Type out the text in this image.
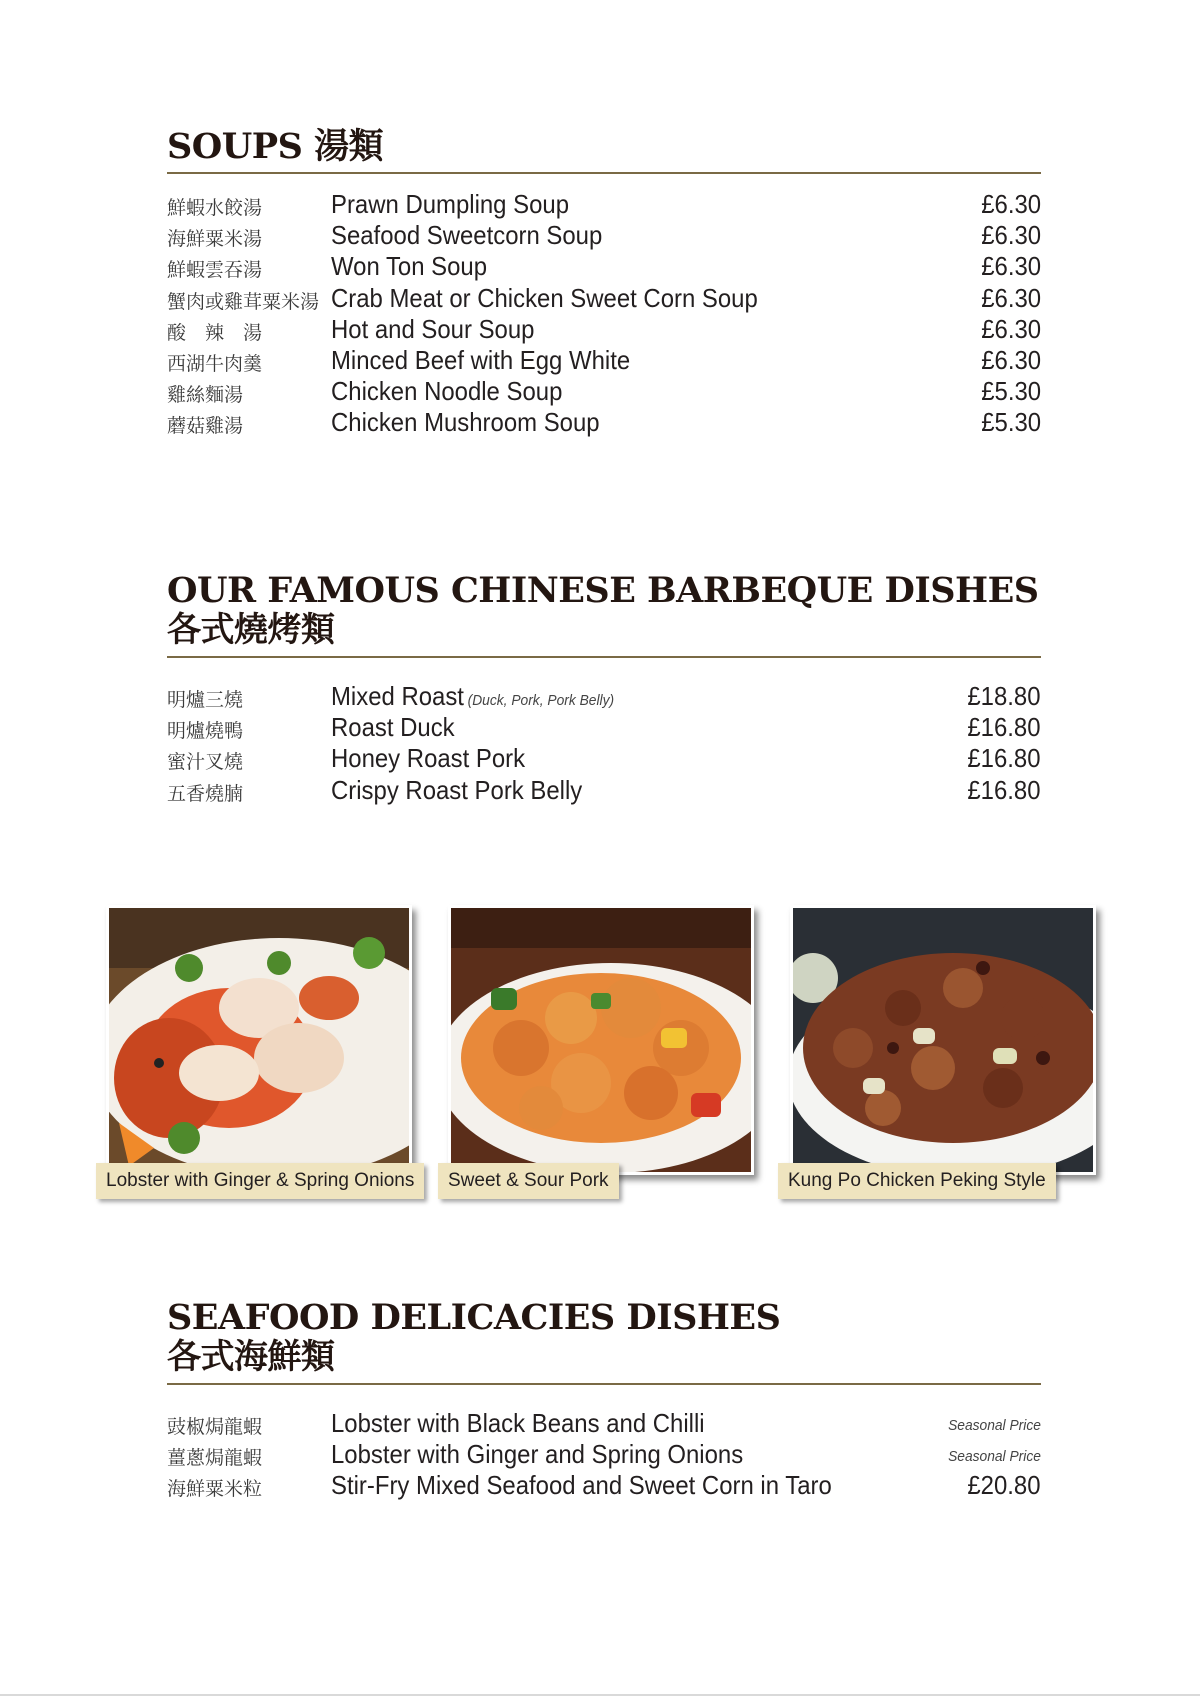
SOUPS 湯類
鮮蝦水餃湯	Prawn Dumpling Soup	£6.30
海鮮粟米湯	Seafood Sweetcorn Soup	£6.30
鮮蝦雲吞湯	Won Ton Soup	£6.30
蟹肉或雞茸粟米湯 Crab Meat or Chicken Sweet Corn Soup	£6.30
酸　辣　湯	Hot and Sour Soup	£6.30
西湖牛肉羹	Minced Beef with Egg White	£6.30
雞絲麵湯	Chicken Noodle Soup	£5.30
蘑菇雞湯	Chicken Mushroom Soup	£5.30
OUR FAMOUS CHINESE BARBEQUE DISHES
各式燒烤類
明爐三燒	Mixed Roast (Duck, Pork, Pork Belly)	£18.80
明爐燒鴨	Roast Duck	£16.80
蜜汁叉燒	Honey Roast Pork	£16.80
五香燒腩	Crispy Roast Pork Belly	£16.80
Lobster with Ginger & Spring Onions	Sweet & Sour Pork	Kung Po Chicken Peking Style
SEAFOOD DELICACIES DISHES
各式海鮮類
豉椒焗龍蝦	Lobster with Black Beans and Chilli	Seasonal Price
薑蔥焗龍蝦	Lobster with Ginger and Spring Onions	Seasonal Price
海鮮粟米粒	Stir-Fry Mixed Seafood and Sweet Corn in Taro	£20.80
